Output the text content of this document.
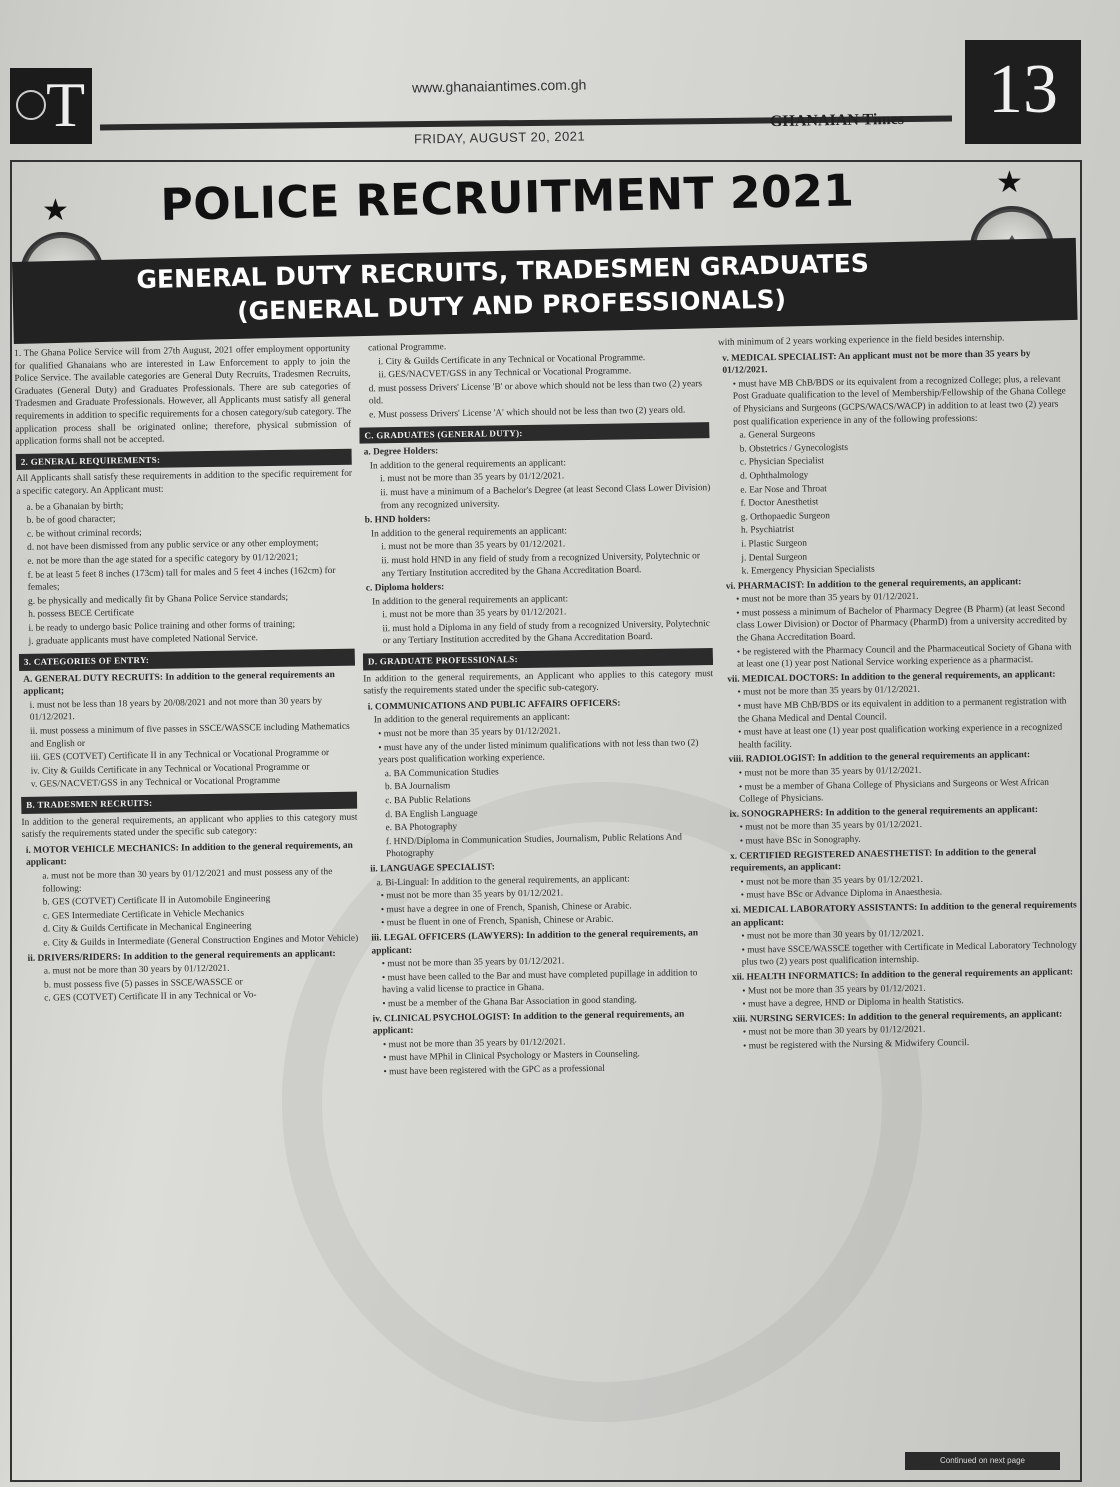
T	www.ghanaiantimes.com.gh
FRIDAY, AUGUST 20, 2021
GHANAIAN Times	13
★
★
POLICE RECRUITMENT 2021
GENERAL DUTY RECRUITS, TRADESMEN GRADUATES
(GENERAL DUTY AND PROFESSIONALS)

1. The Ghana Police Service will from 27th August, 2021 offer employment opportunity for qualified Ghanaians who are interested in Law Enforcement to apply to join the Police Service. The available categories are General Duty Recruits, Tradesmen Recruits, Graduates (General Duty) and Graduates Professionals. There are sub categories of Tradesmen and Graduate Professionals. However, all Applicants must satisfy all general requirements in addition to specific requirements for a chosen category/sub category. The application process shall be originated online; therefore, physical submission of application forms shall not be accepted.

2. GENERAL REQUIREMENTS:

All Applicants shall satisfy these requirements in addition to the specific requirement for a specific category. An Applicant must:

a. be a Ghanaian by birth;
b. be of good character;
c. be without criminal records;
d. not have been dismissed from any public service or any other employment;
e. not be more than the age stated for a specific category by 01/12/2021;
f. be at least 5 feet 8 inches (173cm) tall for males and 5 feet 4 inches (162cm) for females;
g. be physically and medically fit by Ghana Police Service standards;
h. possess BECE Certificate
i. be ready to undergo basic Police training and other forms of training;
j. graduate applicants must have completed National Service.
3. CATEGORIES OF ENTRY:
A. GENERAL DUTY RECRUITS: In addition to the general requirements an applicant;
i. must not be less than 18 years by 20/08/2021 and not more than 30 years by 01/12/2021.
ii. must possess a minimum of five passes in SSCE/WASSCE including Mathematics and English or
iii. GES (COTVET) Certificate II in any Technical or Vocational Programme or
iv. City & Guilds Certificate in any Technical or Vocational Programme or
v. GES/NACVET/GSS in any Technical or Vocational Programme
B. TRADESMEN RECRUITS:

In addition to the general requirements, an applicant who applies to this category must satisfy the requirements stated under the specific sub category:

i. MOTOR VEHICLE MECHANICS: In addition to the general requirements, an applicant:
a. must not be more than 30 years by 01/12/2021 and must possess any of the following:
b. GES (COTVET) Certificate II in Automobile Engineering
c. GES Intermediate Certificate in Vehicle Mechanics
d. City & Guilds Certificate in Mechanical Engineering
e. City & Guilds in Intermediate (General Construction Engines and Motor Vehicle)
ii. DRIVERS/RIDERS: In addition to the general requirements an applicant:
a. must not be more than 30 years by 01/12/2021.
b. must possess five (5) passes in SSCE/WASSCE or
c. GES (COTVET) Certificate II in any Technical or Vo-
cational Programme.
i. City & Guilds Certificate in any Technical or Vocational Programme.
ii. GES/NACVET/GSS in any Technical or Vocational Programme.
d. must possess Drivers' License 'B' or above which should not be less than two (2) years old.
e. Must possess Drivers' License 'A' which should not be less than two (2) years old.
C. GRADUATES (GENERAL DUTY):
a. Degree Holders:
In addition to the general requirements an applicant:
i. must not be more than 35 years by 01/12/2021.
ii. must have a minimum of a Bachelor's Degree (at least Second Class Lower Division) from any recognized university.
b. HND holders:
In addition to the general requirements an applicant:
i. must not be more than 35 years by 01/12/2021.
ii. must hold HND in any field of study from a recognized University, Polytechnic or any Tertiary Institution accredited by the Ghana Accreditation Board.
c. Diploma holders:
In addition to the general requirements an applicant:
i. must not be more than 35 years by 01/12/2021.
ii. must hold a Diploma in any field of study from a recognized University, Polytechnic or any Tertiary Institution accredited by the Ghana Accreditation Board.
D. GRADUATE PROFESSIONALS:

In addition to the general requirements, an Applicant who applies to this category must satisfy the requirements stated under the specific sub-category.

i. COMMUNICATIONS AND PUBLIC AFFAIRS OFFICERS:
In addition to the general requirements an applicant:
• must not be more than 35 years by 01/12/2021.
• must have any of the under listed minimum qualifications with not less than two (2) years post qualification working experience.
a. BA Communication Studies
b. BA Journalism
c. BA Public Relations
d. BA English Language
e. BA Photography
f. HND/Diploma in Communication Studies, Journalism, Public Relations And Photography
ii. LANGUAGE SPECIALIST:
a. Bi-Lingual: In addition to the general requirements, an applicant:
• must not be more than 35 years by 01/12/2021.
• must have a degree in one of French, Spanish, Chinese or Arabic.
• must be fluent in one of French, Spanish, Chinese or Arabic.
iii. LEGAL OFFICERS (LAWYERS): In addition to the general requirements, an applicant:
• must not be more than 35 years by 01/12/2021.
• must have been called to the Bar and must have completed pupillage in addition to having a valid license to practice in Ghana.
• must be a member of the Ghana Bar Association in good standing.
iv. CLINICAL PSYCHOLOGIST: In addition to the general requirements, an applicant:
• must not be more than 35 years by 01/12/2021.
• must have MPhil in Clinical Psychology or Masters in Counseling.
• must have been registered with the GPC as a professional

with minimum of 2 years working experience in the field besides internship.

v. MEDICAL SPECIALIST: An applicant must not be more than 35 years by 01/12/2021.
• must have MB ChB/BDS or its equivalent from a recognized College; plus, a relevant Post Graduate qualification to the level of Membership/Fellowship of the Ghana College of Physicians and Surgeons (GCPS/WACS/WACP) in addition to at least two (2) years post qualification experience in any of the following professions:
a. General Surgeons
b. Obstetrics / Gynecologists
c. Physician Specialist
d. Ophthalmology
e. Ear Nose and Throat
f. Doctor Anesthetist
g. Orthopaedic Surgeon
h. Psychiatrist
i. Plastic Surgeon
j. Dental Surgeon
k. Emergency Physician Specialists
vi. PHARMACIST: In addition to the general requirements, an applicant:
• must not be more than 35 years by 01/12/2021.
• must possess a minimum of Bachelor of Pharmacy Degree (B Pharm) (at least Second class Lower Division) or Doctor of Pharmacy (PharmD) from a university accredited by the Ghana Accreditation Board.
• be registered with the Pharmacy Council and the Pharmaceutical Society of Ghana with at least one (1) year post National Service working experience as a pharmacist.
vii. MEDICAL DOCTORS: In addition to the general requirements, an applicant:
• must not be more than 35 years by 01/12/2021.
• must have MB ChB/BDS or its equivalent in addition to a permanent registration with the Ghana Medical and Dental Council.
• must have at least one (1) year post qualification working experience in a recognized health facility.
viii. RADIOLOGIST: In addition to the general requirements an applicant:
• must not be more than 35 years by 01/12/2021.
• must be a member of Ghana College of Physicians and Surgeons or West African College of Physicians.
ix. SONOGRAPHERS: In addition to the general requirements an applicant:
• must not be more than 35 years by 01/12/2021.
• must have BSc in Sonography.
x. CERTIFIED REGISTERED ANAESTHETIST: In addition to the general requirements, an applicant:
• must not be more than 35 years by 01/12/2021.
• must have BSc or Advance Diploma in Anaesthesia.
xi. MEDICAL LABORATORY ASSISTANTS: In addition to the general requirements an applicant:
• must not be more than 30 years by 01/12/2021.
• must have SSCE/WASSCE together with Certificate in Medical Laboratory Technology plus two (2) years post qualification internship.
xii. HEALTH INFORMATICS: In addition to the general requirements an applicant:
• Must not be more than 35 years by 01/12/2021.
• must have a degree, HND or Diploma in health Statistics.
xiii. NURSING SERVICES: In addition to the general requirements, an applicant:
• must not be more than 30 years by 01/12/2021.
• must be registered with the Nursing & Midwifery Council.
Continued on next page
